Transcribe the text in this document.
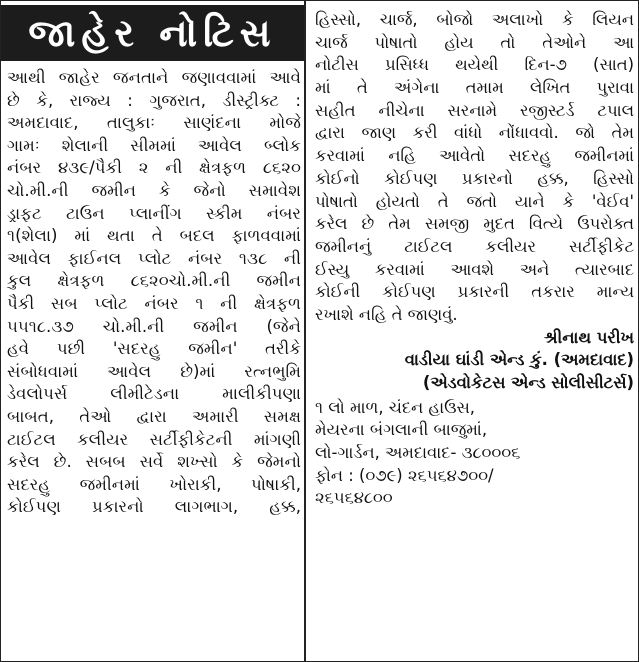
જાહેર નોટિસ
આથી જાહેર જનતાને જણાવવામાં આવે
છે કે, રાજ્ય : ગુજરાત, ડીસ્ટ્રીક્ટ :
અમદાવાદ, તાલુકાઃ સાણંદના મોજે
ગામઃ શેલાની સીમમાં આવેલ બ્લોક
નંબર ૪૩૯/પૈકી ૨ ની ક્ષેત્રફળ ૮૬૨૦
ચો.મી.ની જમીન કે જેનો સમાવેશ
ડ્રાફટ ટાઉન પ્લાનીંગ સ્કીમ નંબર
૧(શેલા) માં થતા તે બદલ ફાળવવામાં
આવેલ ફાઈનલ પ્લોટ નંબર ૧૩૮ ની
કુલ ક્ષેત્રફળ ૮૬૨૦ચો.મી.ની જમીન
પૈકી સબ પ્લોટ નંબર ૧ ની ક્ષેત્રફળ
૫૫૧૮.૩૭ ચો.મી.ની જમીન (જેને
હવે પછી 'સદરહુ જમીન' તરીકે
સંબોધવામાં આવેલ છે)માં રત્નભુમિ
ડેવલોપર્સ લીમીટેડના માલીકીપણા
બાબત, તેઓ દ્વારા અમારી સમક્ષ
ટાઈટલ કલીયર સર્ટીફીકેટની માંગણી
કરેલ છે. સબબ સર્વે શખ્સો કે જેમનો
સદરહુ જમીનમાં ખોરાકી, પોષાકી,
કોઈપણ પ્રકારનો લાગભાગ, હક્ક,
હિસ્સો, ચાર્જ, બોજો અલાખો કે લિયન
ચાર્જ પોષાતો હોય તો તેઓને આ
નોટીસ પ્રસિધ્ધ થયેથી દિન-૭ (સાત)
માં તે અંગેના તમામ લેખિત પુરાવા
સહીત નીચેના સરનામે રજીસ્ટર્ડ ટપાલ
દ્વારા જાણ કરી વાંધો નોંધાવવો. જો તેમ
કરવામાં નહિ આવેતો સદરહુ જમીનમાં
કોઈનો કોઈપણ પ્રકારનો હક્ક, હિસ્સો
પોષાતો હોયતો તે જતો યાને કે 'વેઈવ'
કરેલ છે તેમ સમજી મુદત વિત્યે ઉપરોક્ત
જમીનનું ટાઈટલ કલીયર સર્ટીફીકેટ
ઈસ્યુ કરવામાં આવશે અને ત્યારબાદ
કોઈની કોઈપણ પ્રકારની તકરાર માન્ય
રખાશે નહિ તે જાણવું.
શ્રીનાથ પરીખ
વાડીયા ઘાંડી એન્ડ કું. (અમદાવાદ)
(એડવોકેટસ એન્ડ સોલીસીટર્સ)
૧ લો માળ, ચંદન હાઉસ,
મેયરના બંગલાની બાજુમાં,
લો-ગાર્ડન, અમદાવાદ- ૩૮૦૦૦૬
ફોન : (૦૭૯) ૨૬૫૬૪૭૦૦/
૨૬૫૬૪૮૦૦
